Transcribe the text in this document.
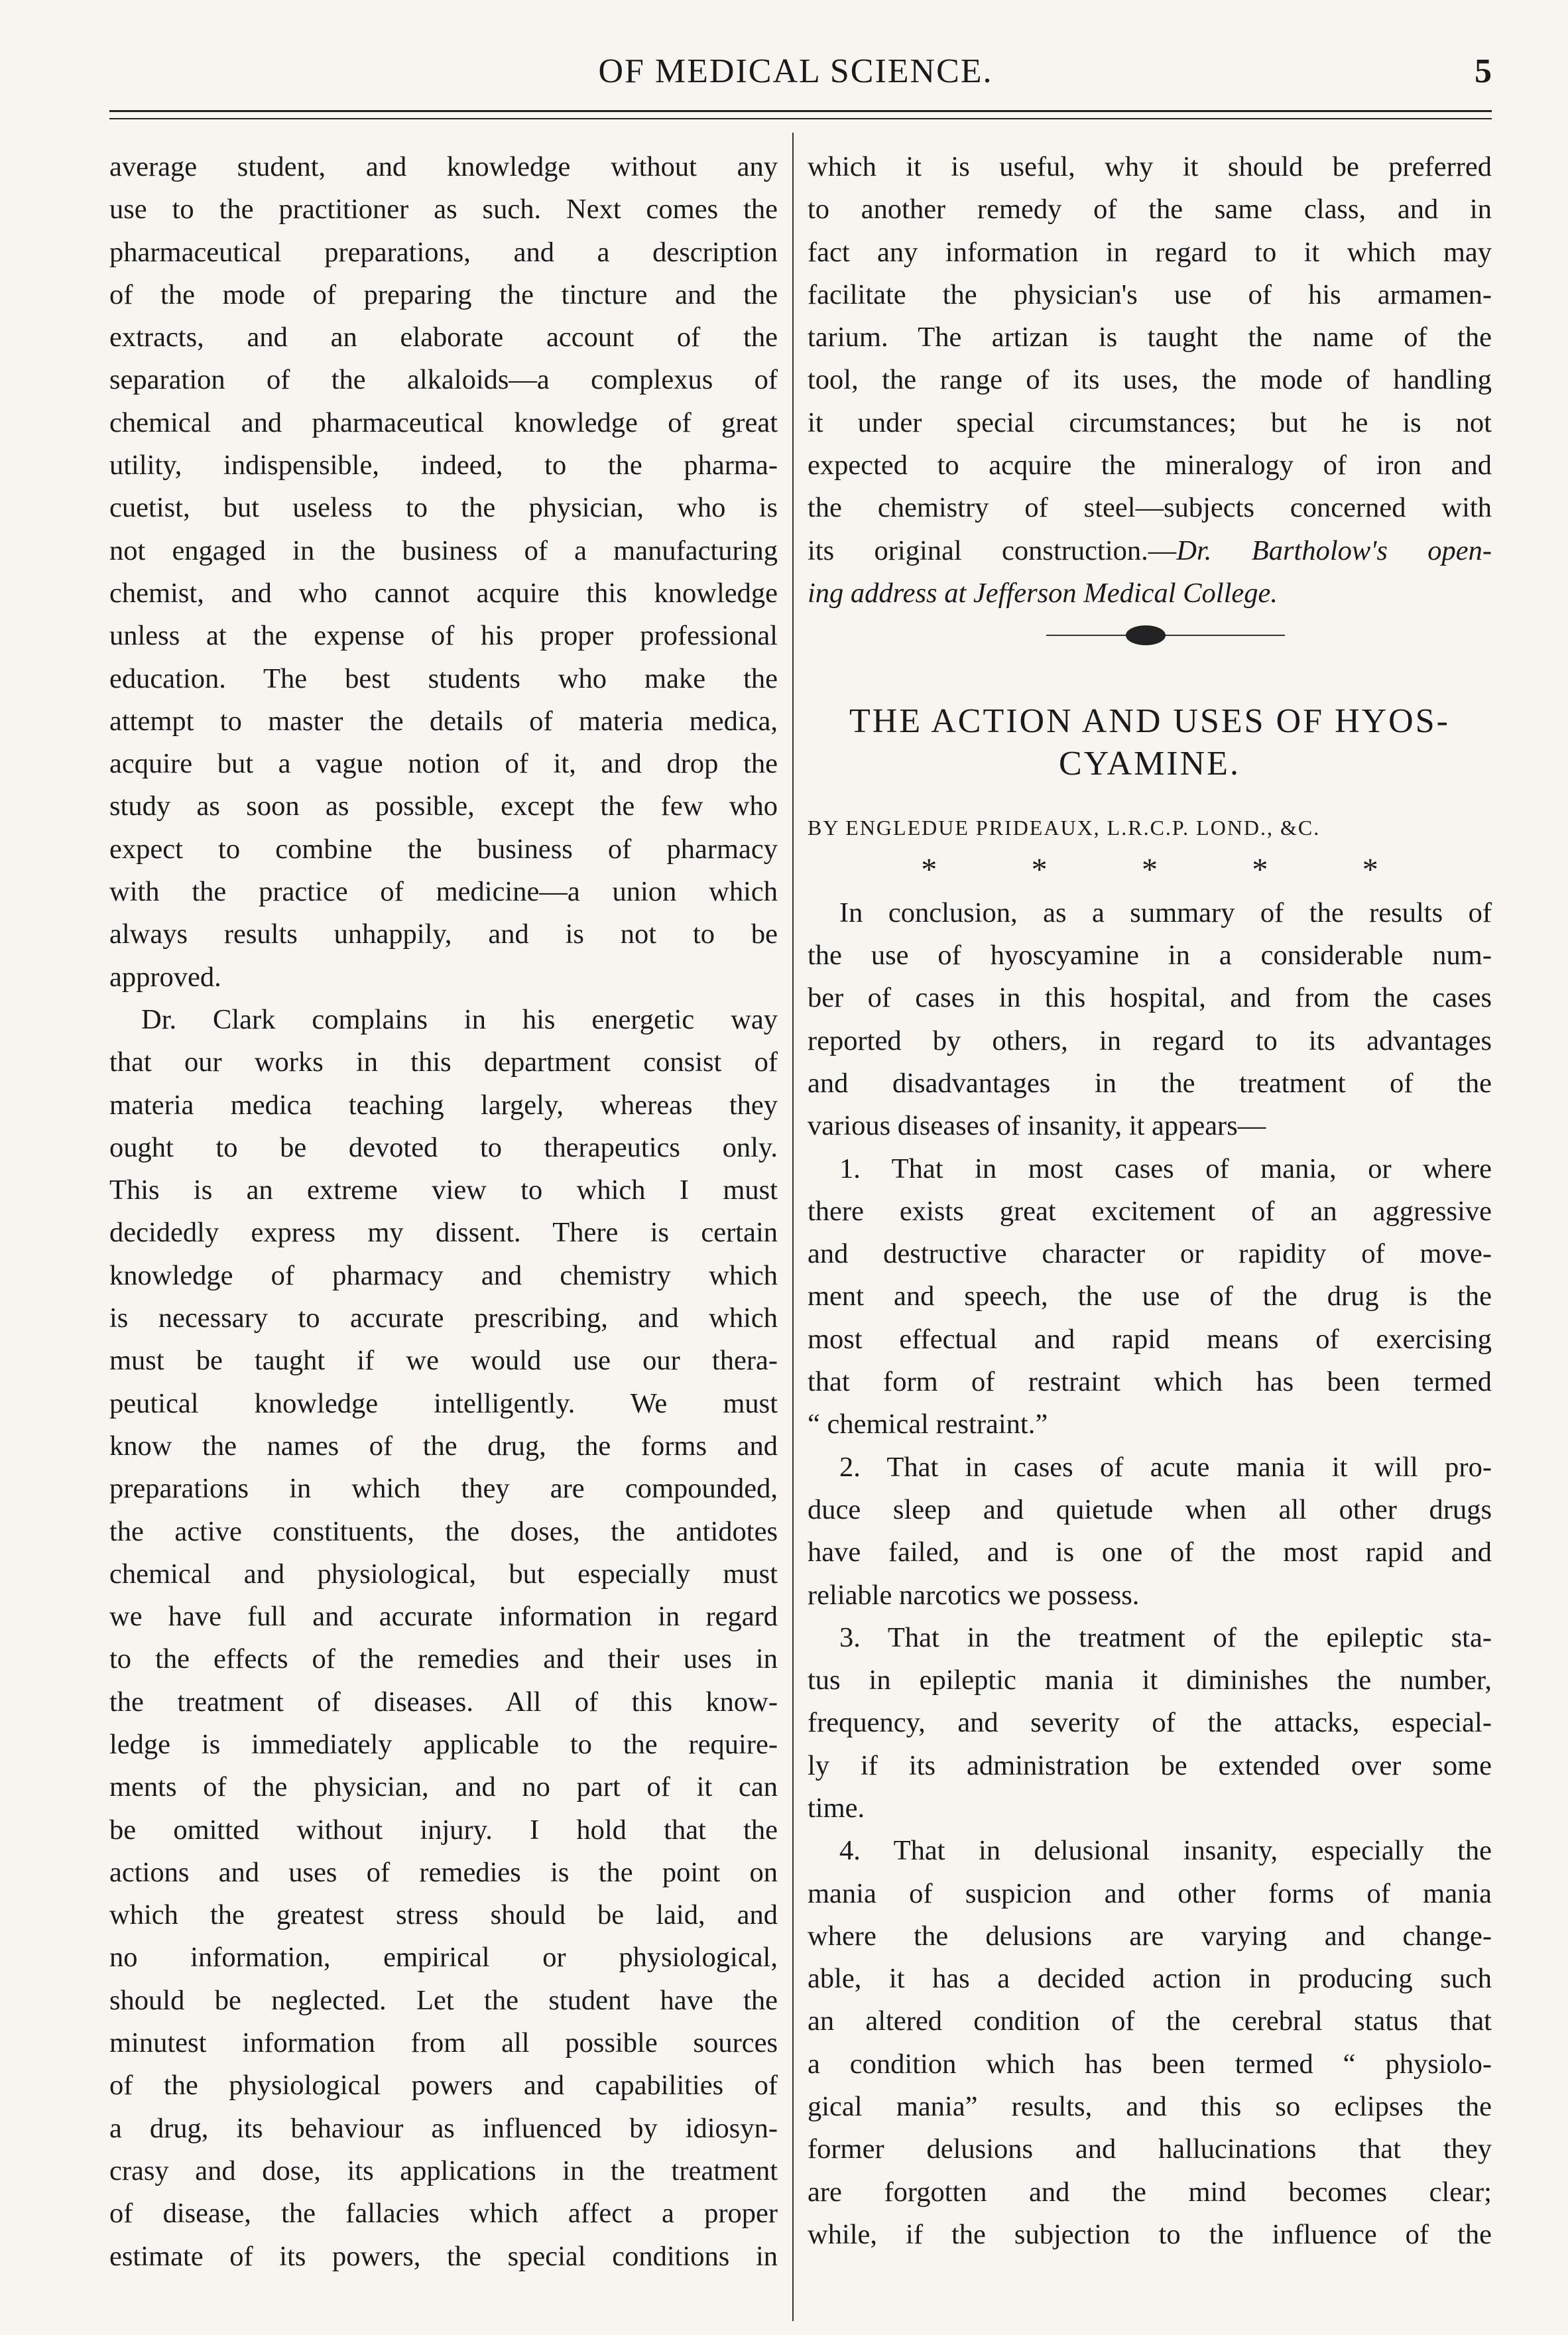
OF MEDICAL SCIENCE.	5
average student, and knowledge without any
use to the practitioner as such. Next comes the
pharmaceutical preparations, and a description
of the mode of preparing the tincture and the
extracts, and an elaborate account of the
separation of the alkaloids—a complexus of
chemical and pharmaceutical knowledge of great
utility, indispensible, indeed, to the pharma-
cuetist, but useless to the physician, who is
not engaged in the business of a manufacturing
chemist, and who cannot acquire this knowledge
unless at the expense of his proper professional
education. The best students who make the
attempt to master the details of materia medica,
acquire but a vague notion of it, and drop the
study as soon as possible, except the few who
expect to combine the business of pharmacy
with the practice of medicine—a union which
always results unhappily, and is not to be
approved.
Dr. Clark complains in his energetic way
that our works in this department consist of
materia medica teaching largely, whereas they
ought to be devoted to therapeutics only.
This is an extreme view to which I must
decidedly express my dissent. There is certain
knowledge of pharmacy and chemistry which
is necessary to accurate prescribing, and which
must be taught if we would use our thera-
peutical knowledge intelligently. We must
know the names of the drug, the forms and
preparations in which they are compounded,
the active constituents, the doses, the antidotes
chemical and physiological, but especially must
we have full and accurate information in regard
to the effects of the remedies and their uses in
the treatment of diseases. All of this know-
ledge is immediately applicable to the require-
ments of the physician, and no part of it can
be omitted without injury. I hold that the
actions and uses of remedies is the point on
which the greatest stress should be laid, and
no information, empirical or physiological,
should be neglected. Let the student have the
minutest information from all possible sources
of the physiological powers and capabilities of
a drug, its behaviour as influenced by idiosyn-
crasy and dose, its applications in the treatment
of disease, the fallacies which affect a proper
estimate of its powers, the special conditions in
which it is useful, why it should be preferred
to another remedy of the same class, and in
fact any information in regard to it which may
facilitate the physician's use of his armamen-
tarium. The artizan is taught the name of the
tool, the range of its uses, the mode of handling
it under special circumstances; but he is not
expected to acquire the mineralogy of iron and
the chemistry of steel—subjects concerned with
its original construction.—Dr. Bartholow's open-
ing address at Jefferson Medical College.
THE ACTION AND USES OF HYOS-
CYAMINE.
BY ENGLEDUE PRIDEAUX, L.R.C.P. LOND., &C.
*	*	*	*	*
In conclusion, as a summary of the results of
the use of hyoscyamine in a considerable num-
ber of cases in this hospital, and from the cases
reported by others, in regard to its advantages
and disadvantages in the treatment of the
various diseases of insanity, it appears—
1. That in most cases of mania, or where
there exists great excitement of an aggressive
and destructive character or rapidity of move-
ment and speech, the use of the drug is the
most effectual and rapid means of exercising
that form of restraint which has been termed
“ chemical restraint.”
2. That in cases of acute mania it will pro-
duce sleep and quietude when all other drugs
have failed, and is one of the most rapid and
reliable narcotics we possess.
3. That in the treatment of the epileptic sta-
tus in epileptic mania it diminishes the number,
frequency, and severity of the attacks, especial-
ly if its administration be extended over some
time.
4. That in delusional insanity, especially the
mania of suspicion and other forms of mania
where the delusions are varying and change-
able, it has a decided action in producing such
an altered condition of the cerebral status that
a condition which has been termed “ physiolo-
gical mania” results, and this so eclipses the
former delusions and hallucinations that they
are forgotten and the mind becomes clear;
while, if the subjection to the influence of the
